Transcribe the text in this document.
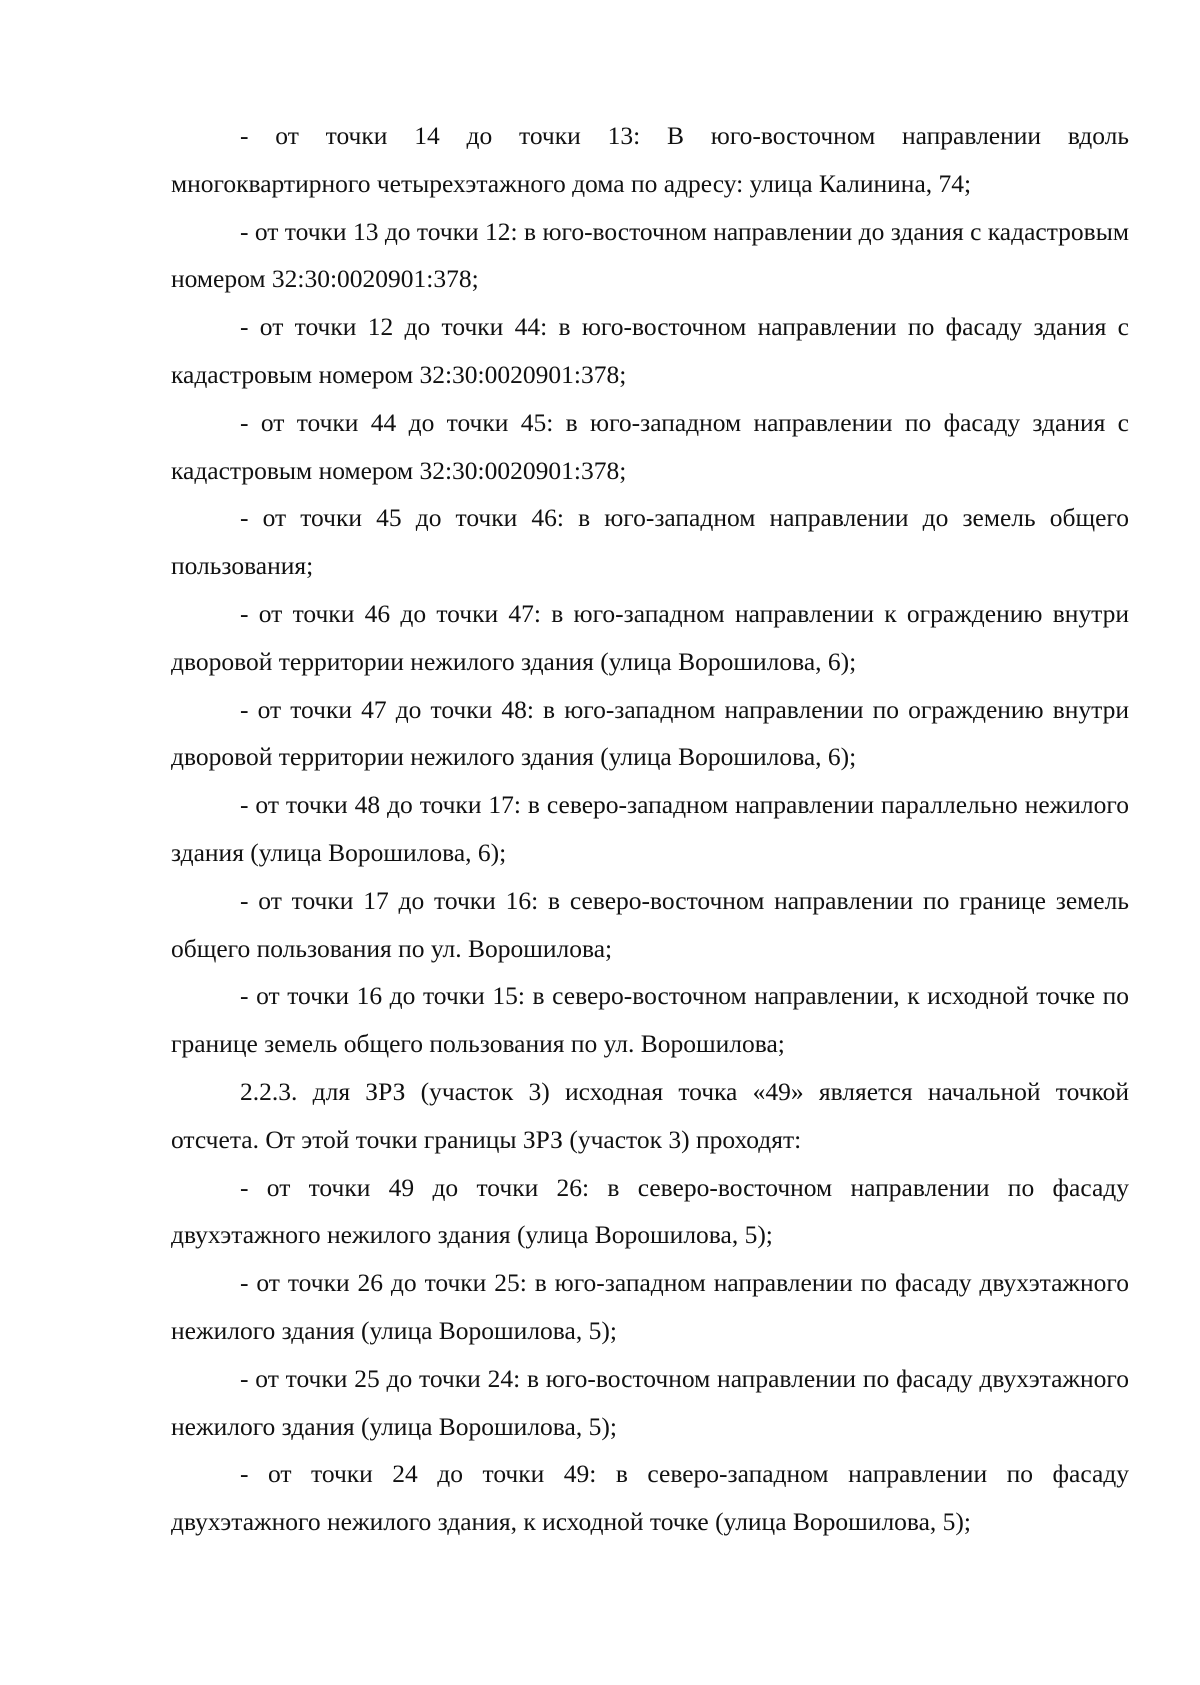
- от точки 14 до точки 13: В юго-восточном направлении вдоль многоквартирного четырехэтажного дома по адресу: улица Калинина, 74;

- от точки 13 до точки 12: в юго-восточном направлении до здания с кадастровым номером 32:30:0020901:378;

- от точки 12 до точки 44: в юго-восточном направлении по фасаду здания с кадастровым номером 32:30:0020901:378;

- от точки 44 до точки 45: в юго-западном направлении по фасаду здания с кадастровым номером 32:30:0020901:378;

- от точки 45 до точки 46: в юго-западном направлении до земель общего пользования;

- от точки 46 до точки 47: в юго-западном направлении к ограждению внутри дворовой территории нежилого здания (улица Ворошилова, 6);

- от точки 47 до точки 48: в юго-западном направлении по ограждению внутри дворовой территории нежилого здания (улица Ворошилова, 6);

- от точки 48 до точки 17: в северо-западном направлении параллельно нежилого здания (улица Ворошилова, 6);

- от точки 17 до точки 16: в северо-восточном направлении по границе земель общего пользования по ул. Ворошилова;

- от точки 16 до точки 15: в северо-восточном направлении, к исходной точке по границе земель общего пользования по ул. Ворошилова;

2.2.3. для ЗРЗ (участок 3) исходная точка «49» является начальной точкой отсчета. От этой точки границы ЗРЗ (участок 3) проходят:

- от точки 49 до точки 26: в северо-восточном направлении по фасаду двухэтажного нежилого здания (улица Ворошилова, 5);

- от точки 26 до точки 25: в юго-западном направлении по фасаду двухэтажного нежилого здания (улица Ворошилова, 5);

- от точки 25 до точки 24: в юго-восточном направлении по фасаду двухэтажного нежилого здания (улица Ворошилова, 5);

- от точки 24 до точки 49: в северо-западном направлении по фасаду двухэтажного нежилого здания, к исходной точке (улица Ворошилова, 5);
